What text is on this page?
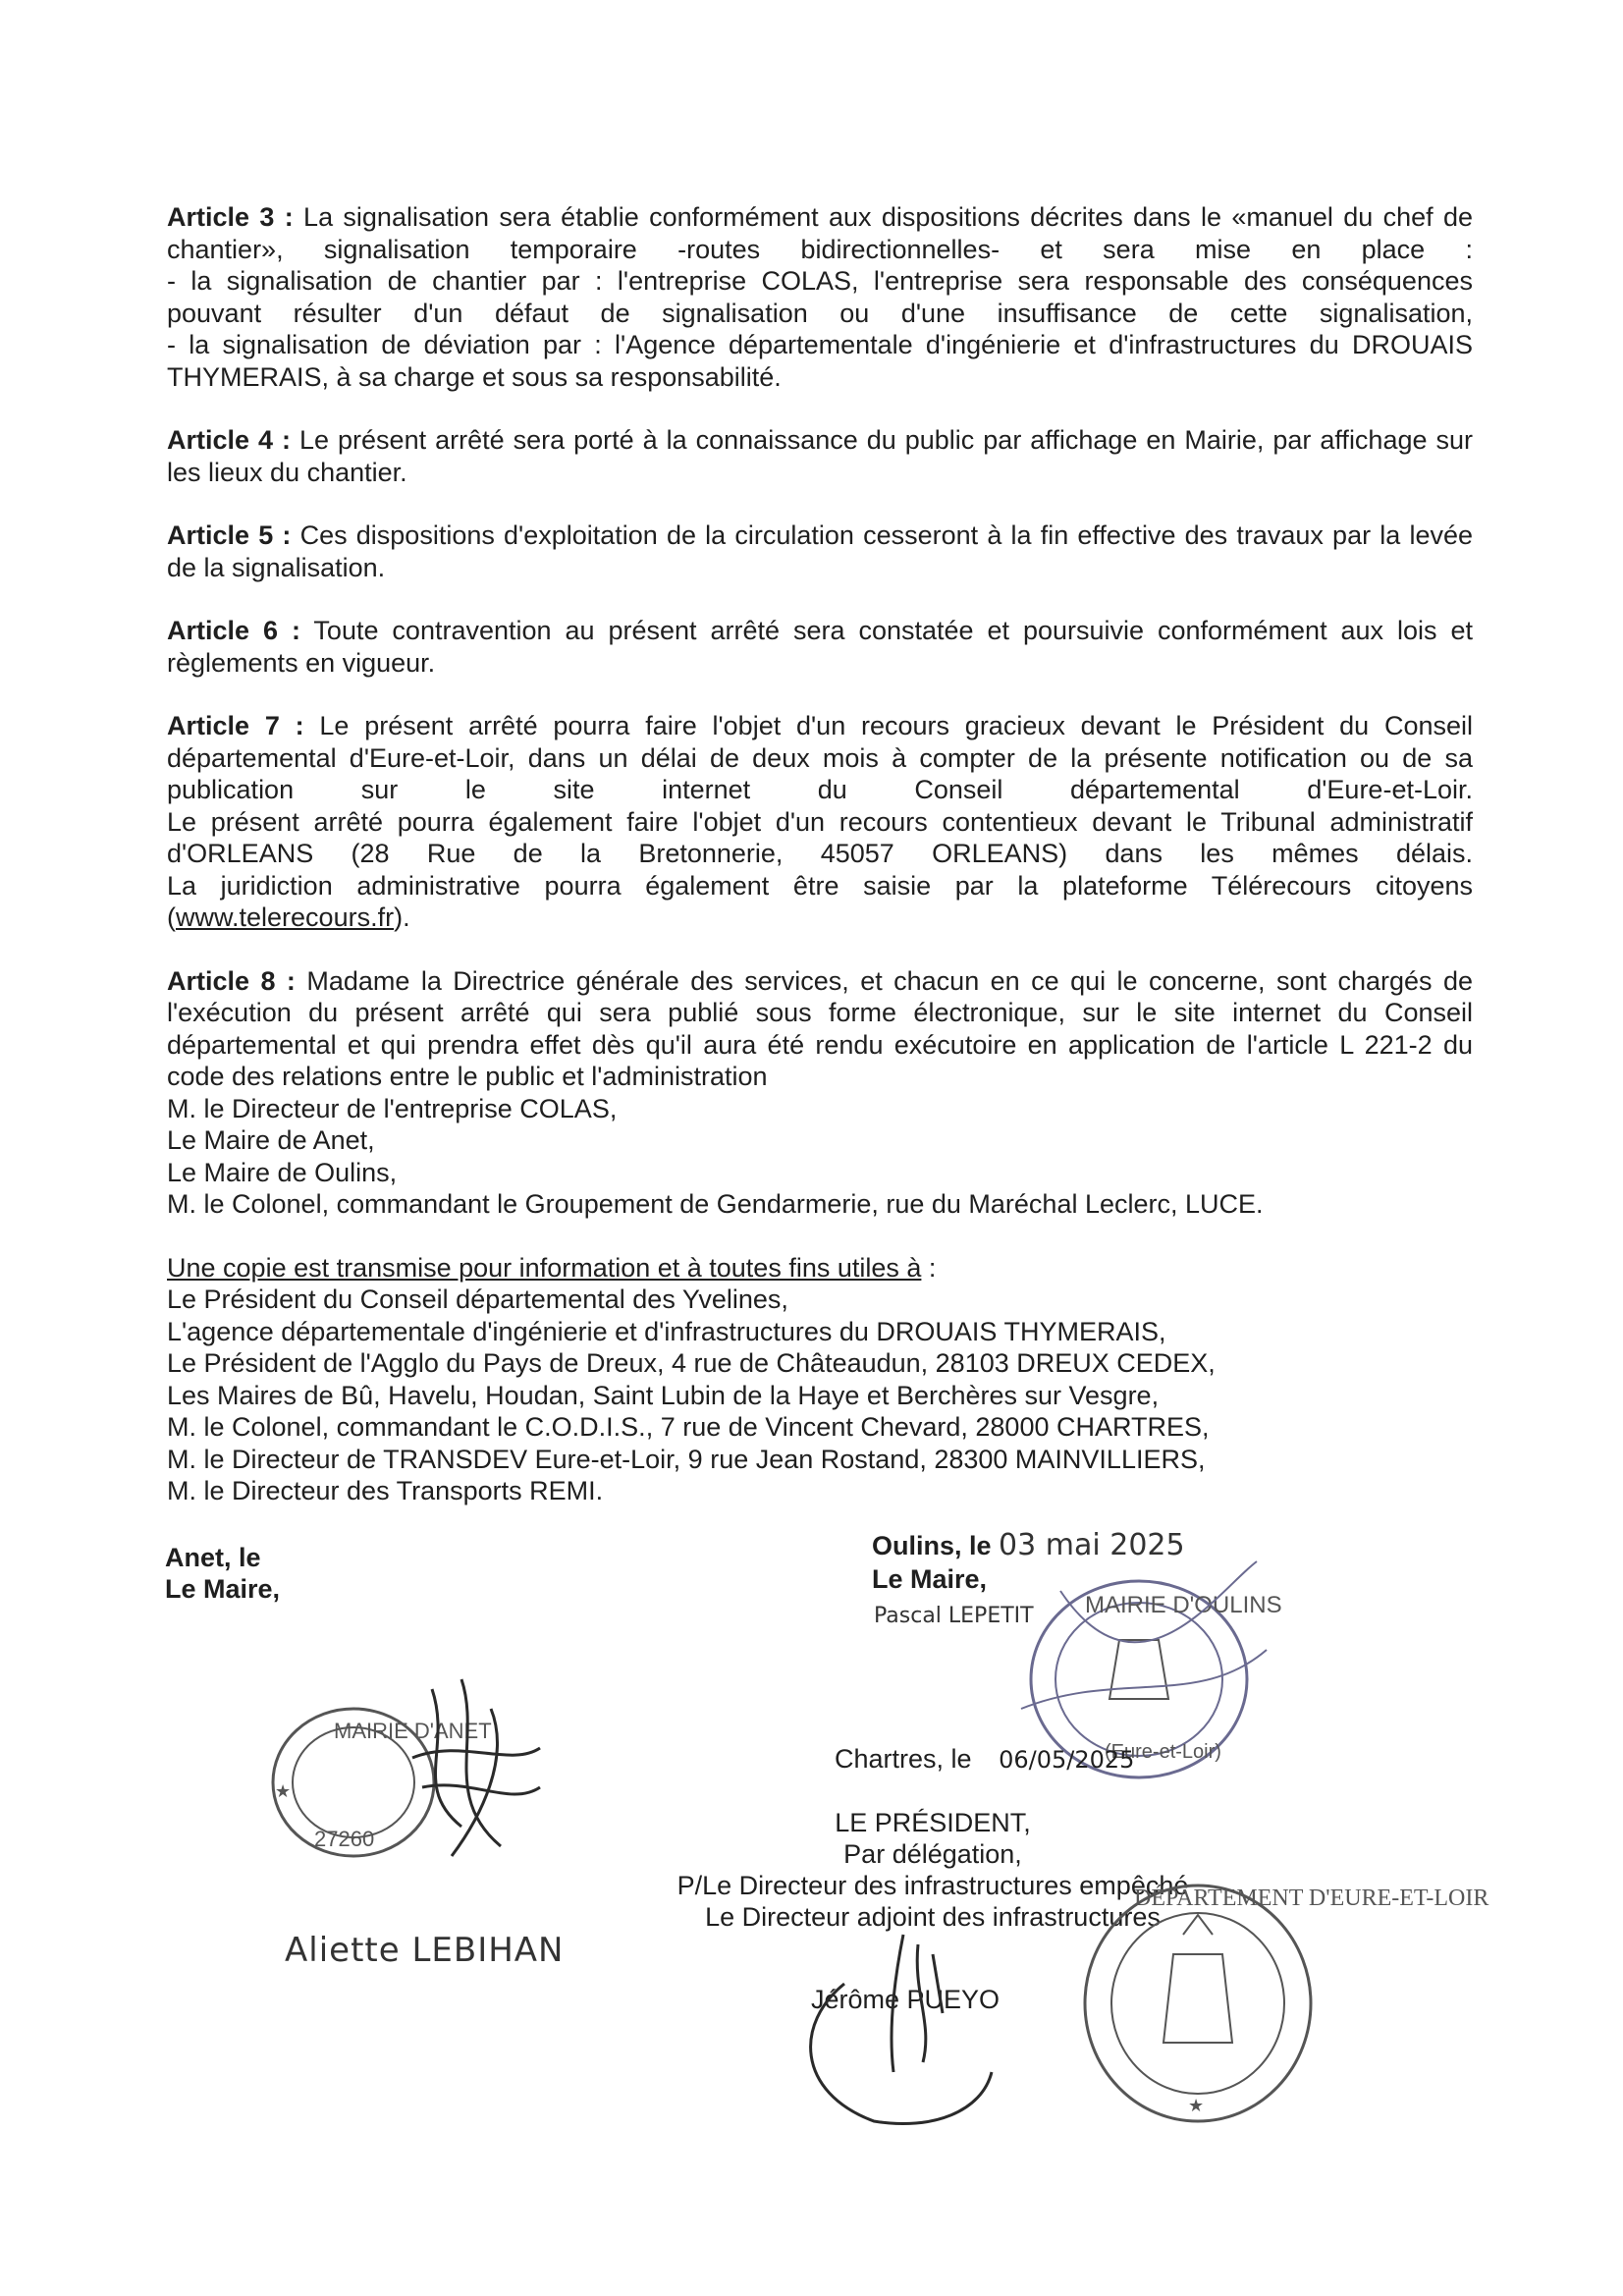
Article 3 : La signalisation sera établie conformément aux dispositions décrites dans le «manuel du chef de
chantier», signalisation temporaire -routes bidirectionnelles- et sera mise en place :
- la signalisation de chantier par : l'entreprise COLAS, l'entreprise sera responsable des conséquences
pouvant résulter d'un défaut de signalisation ou d'une insuffisance de cette signalisation,
- la signalisation de déviation par : l'Agence départementale d'ingénierie et d'infrastructures du DROUAIS
THYMERAIS, à sa charge et sous sa responsabilité.
Article 4 : Le présent arrêté sera porté à la connaissance du public par affichage en Mairie, par affichage sur les lieux du chantier.
Article 5 : Ces dispositions d'exploitation de la circulation cesseront à la fin effective des travaux par la levée de la signalisation.
Article 6 : Toute contravention au présent arrêté sera constatée et poursuivie conformément aux lois et règlements en vigueur.
Article 7 : Le présent arrêté pourra faire l'objet d'un recours gracieux devant le Président du Conseil
départemental d'Eure-et-Loir, dans un délai de deux mois à compter de la présente notification ou de sa
publication sur le site internet du Conseil départemental d'Eure-et-Loir.
Le présent arrêté pourra également faire l'objet d'un recours contentieux devant le Tribunal administratif
d'ORLEANS (28 Rue de la Bretonnerie, 45057 ORLEANS) dans les mêmes délais.
La juridiction administrative pourra également être saisie par la plateforme Télérecours citoyens
(www.telerecours.fr).
Article 8 : Madame la Directrice générale des services, et chacun en ce qui le concerne, sont chargés de l'exécution du présent arrêté qui sera publié sous forme électronique, sur le site internet du Conseil départemental et qui prendra effet dès qu'il aura été rendu exécutoire en application de l'article L 221-2 du code des relations entre le public et l'administration
M. le Directeur de l'entreprise COLAS,
Le Maire de Anet,
Le Maire de Oulins,
M. le Colonel, commandant le Groupement de Gendarmerie, rue du Maréchal Leclerc, LUCE.
Une copie est transmise pour information et à toutes fins utiles à :
Le Président du Conseil départemental des Yvelines,
L'agence départementale d'ingénierie et d'infrastructures du DROUAIS THYMERAIS,
Le Président de l'Agglo du Pays de Dreux, 4 rue de Châteaudun, 28103 DREUX CEDEX,
Les Maires de Bû, Havelu, Houdan, Saint Lubin de la Haye et Berchères sur Vesgre,
M. le Colonel, commandant le C.O.D.I.S., 7 rue de Vincent Chevard, 28000 CHARTRES,
M. le Directeur de TRANSDEV Eure-et-Loir, 9 rue Jean Rostand, 28300 MAINVILLIERS,
M. le Directeur des Transports REMI.
Anet, le
Le Maire,
MAIRIE D'ANET
27260
★
Aliette LEBIHAN
Oulins, le 03 mai 2025
Le Maire,
Pascal LEPETIT MAIRIE D'OULINS
(Eure-et-Loir)
Chartres, le 06/05/2025
LE PRÉSIDENT,
Par délégation,
P/Le Directeur des infrastructures empêché
Le Directeur adjoint des infrastructures
Jérôme PUEYO
DÉPARTEMENT D'EURE-ET-LOIR
★
